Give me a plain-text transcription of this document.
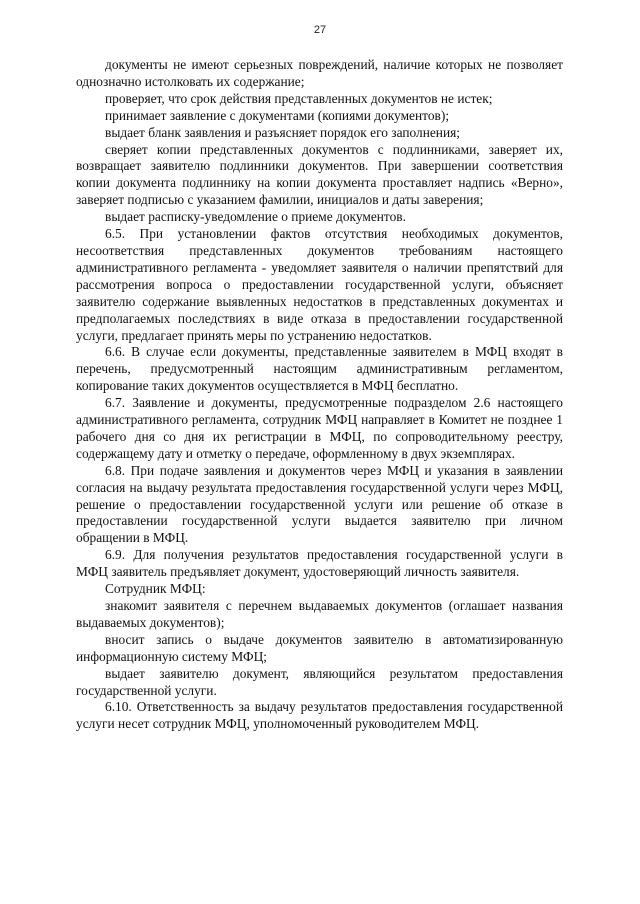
27

документы не имеют серьезных повреждений, наличие которых не позволяет однозначно истолковать их содержание;

проверяет, что срок действия представленных документов не истек;

принимает заявление с документами (копиями документов);

выдает бланк заявления и разъясняет порядок его заполнения;

сверяет копии представленных документов с подлинниками, заверяет их, возвращает заявителю подлинники документов. При завершении соответствия копии документа подлиннику на копии документа проставляет надпись «Верно», заверяет подписью с указанием фамилии, инициалов и даты заверения;

выдает расписку-уведомление о приеме документов.

6.5. При установлении фактов отсутствия необходимых документов, несоответствия представленных документов требованиям настоящего административного регламента - уведомляет заявителя о наличии препятствий для рассмотрения вопроса о предоставлении государственной услуги, объясняет заявителю содержание выявленных недостатков в представленных документах и предполагаемых последствиях в виде отказа в предоставлении государственной услуги, предлагает принять меры по устранению недостатков.

6.6. В случае если документы, представленные заявителем в МФЦ входят в перечень, предусмотренный настоящим административным регламентом, копирование таких документов осуществляется в МФЦ бесплатно.

6.7. Заявление и документы, предусмотренные подразделом 2.6 настоящего административного регламента, сотрудник МФЦ направляет в Комитет не позднее 1 рабочего дня со дня их регистрации в МФЦ, по сопроводительному реестру, содержащему дату и отметку о передаче, оформленному в двух экземплярах.

6.8. При подаче заявления и документов через МФЦ и указания в заявлении согласия на выдачу результата предоставления государственной услуги через МФЦ, решение о предоставлении государственной услуги или решение об отказе в предоставлении государственной услуги выдается заявителю при личном обращении в МФЦ.

6.9. Для получения результатов предоставления государственной услуги в МФЦ заявитель предъявляет документ, удостоверяющий личность заявителя.

Сотрудник МФЦ:

знакомит заявителя с перечнем выдаваемых документов (оглашает названия выдаваемых документов);

вносит запись о выдаче документов заявителю в автоматизированную информационную систему МФЦ;

выдает заявителю документ, являющийся результатом предоставления государственной услуги.

6.10. Ответственность за выдачу результатов предоставления государственной услуги несет сотрудник МФЦ, уполномоченный руководителем МФЦ.
